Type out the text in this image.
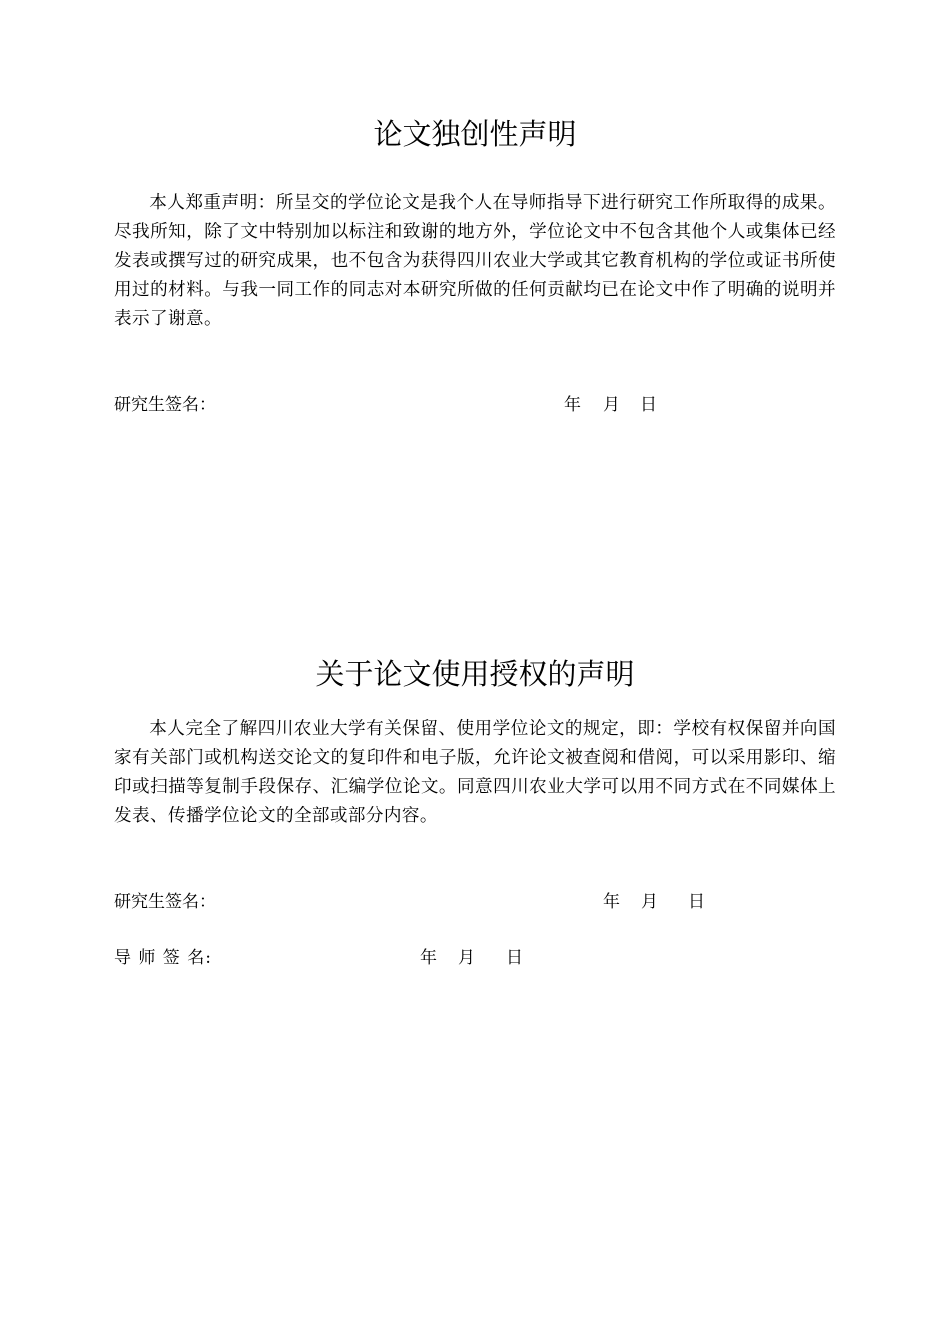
论文独创性声明

本人郑重声明：所呈交的学位论文是我个人在导师指导下进行研究工作所取得的成果。尽我所知，除了文中特别加以标注和致谢的地方外，学位论文中不包含其他个人或集体已经发表或撰写过的研究成果，也不包含为获得四川农业大学或其它教育机构的学位或证书所使用过的材料。与我一同工作的同志对本研究所做的任何贡献均已在论文中作了明确的说明并表示了谢意。

研究生签名：	年 月 日
关于论文使用授权的声明

本人完全了解四川农业大学有关保留、使用学位论文的规定，即：学校有权保留并向国家有关部门或机构送交论文的复印件和电子版，允许论文被查阅和借阅，可以采用影印、缩印或扫描等复制手段保存、汇编学位论文。同意四川农业大学可以用不同方式在不同媒体上发表、传播学位论文的全部或部分内容。

研究生签名：	年 月 日
导 师 签 名:	年 月 日
